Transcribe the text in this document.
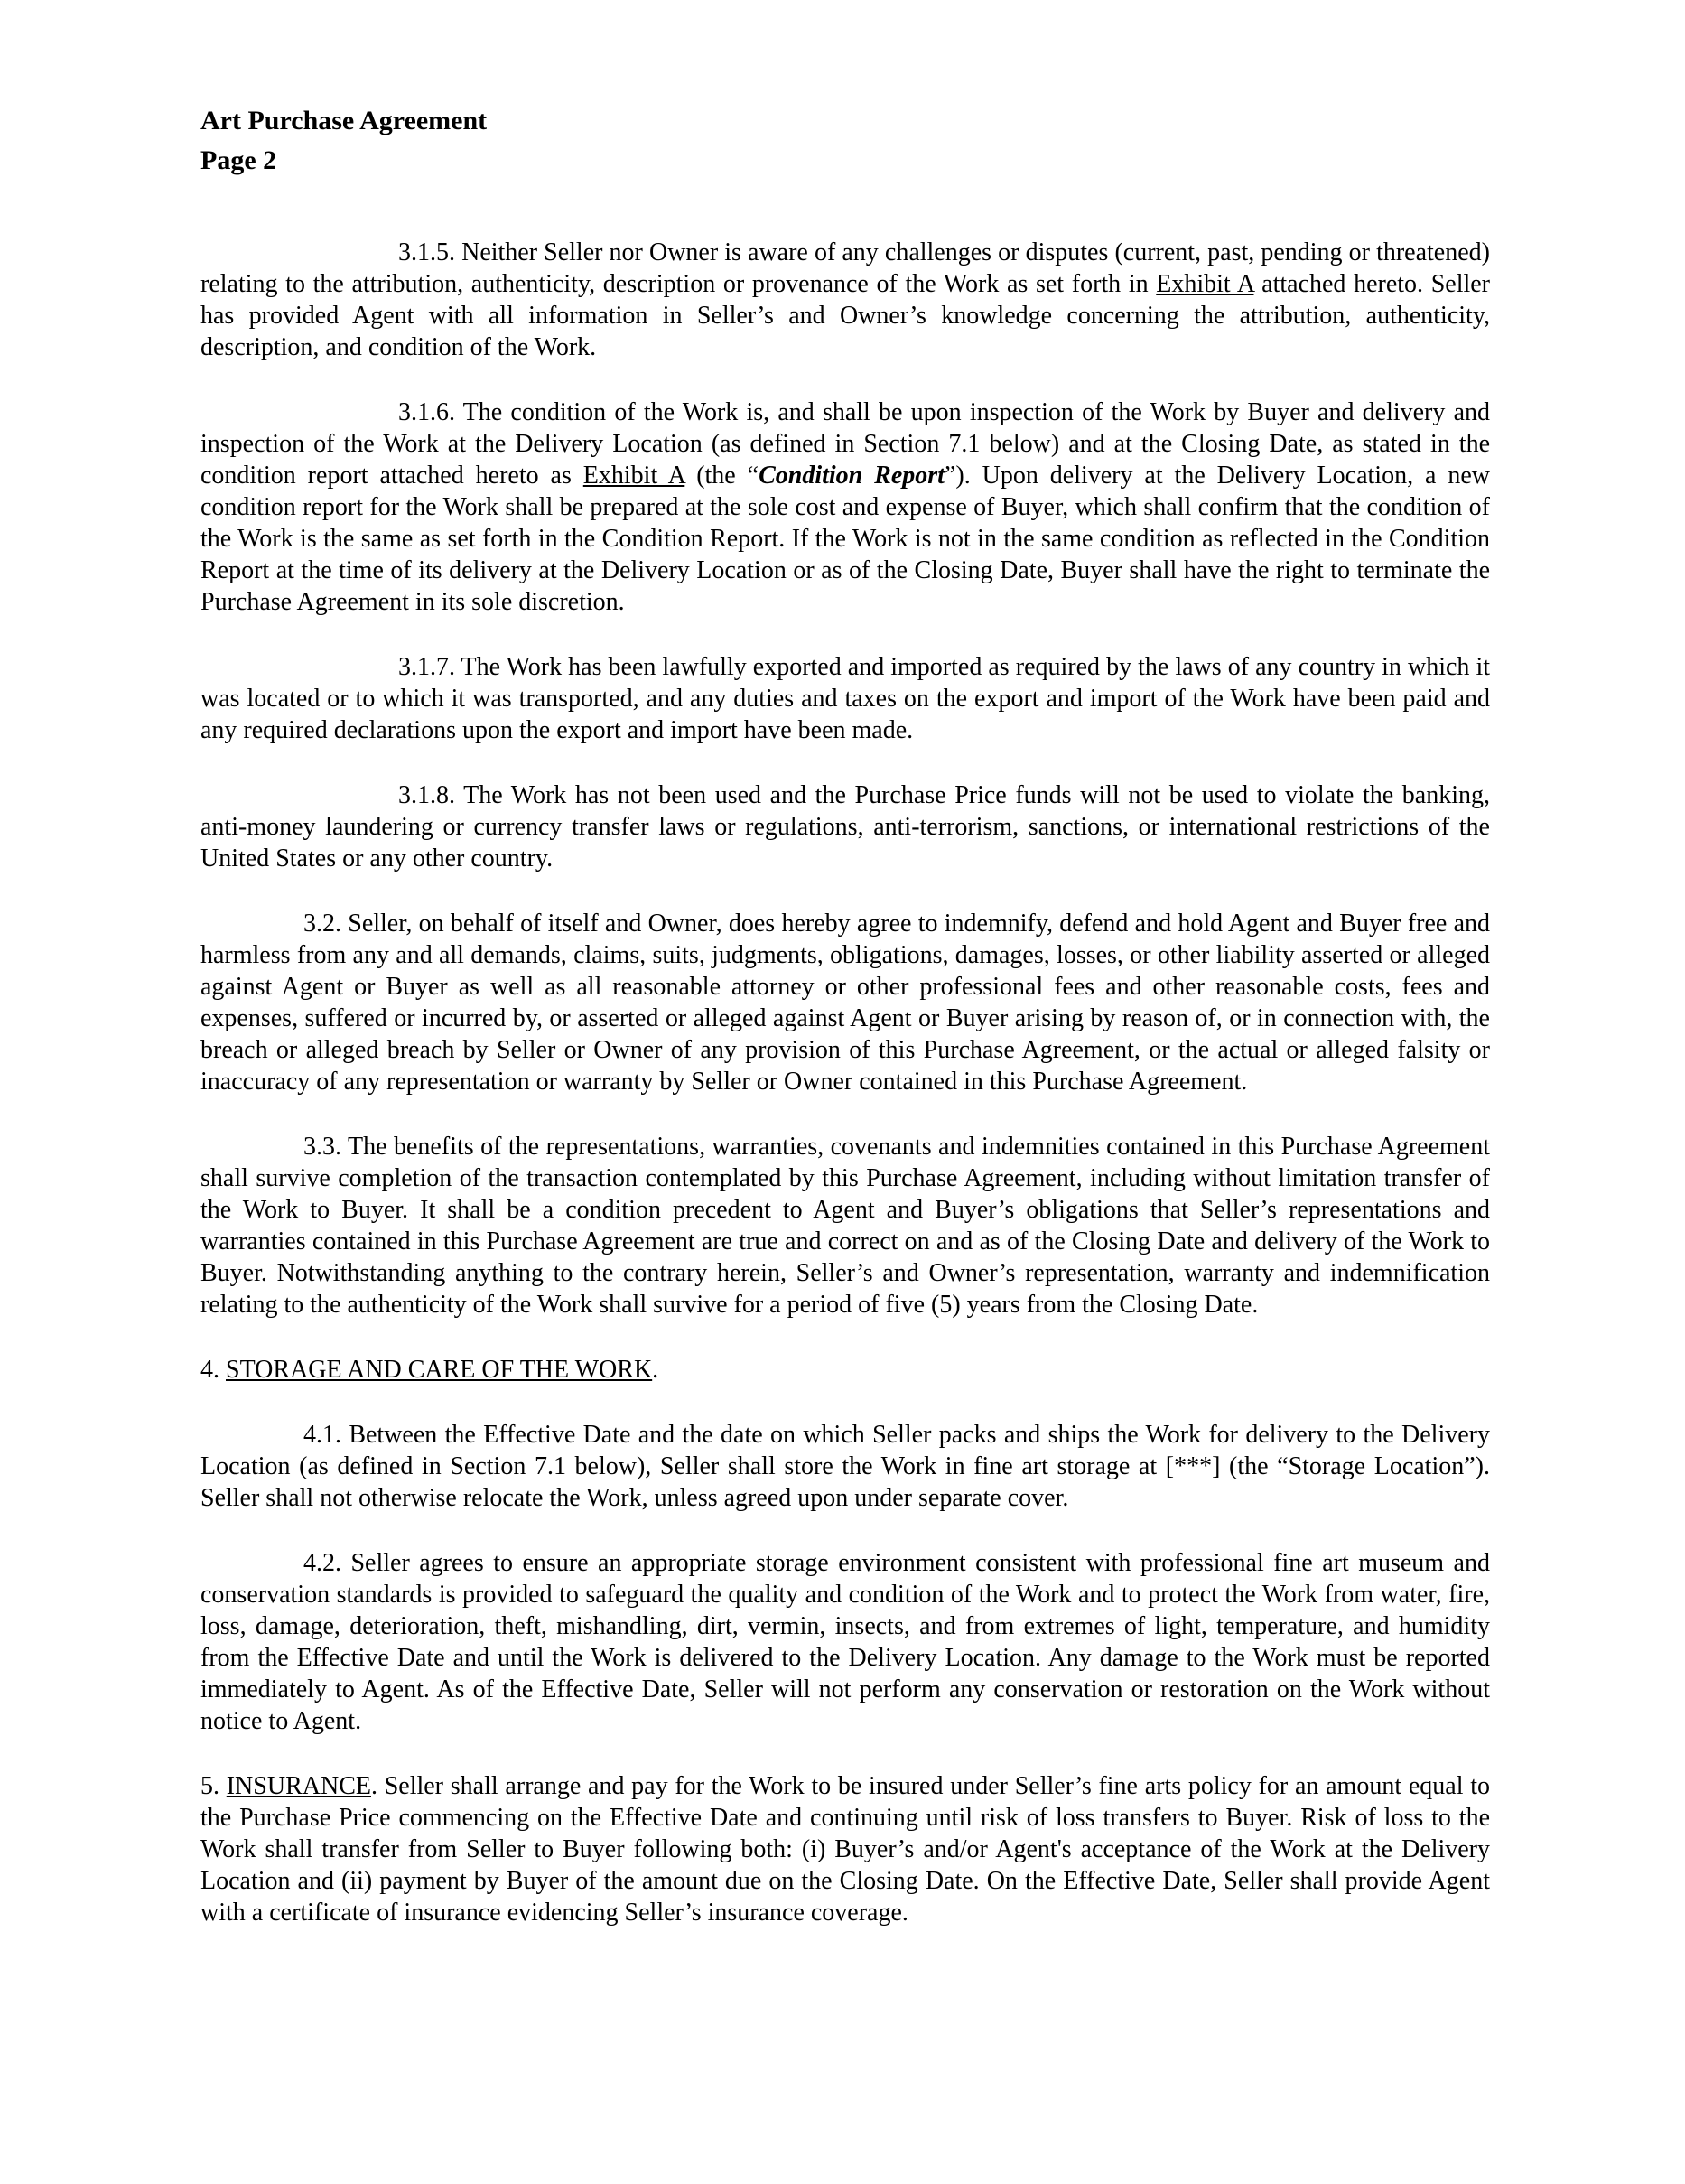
Art Purchase Agreement
Page 2

3.1.5. Neither Seller nor Owner is aware of any challenges or disputes (current, past, pending or threatened) relating to the attribution, authenticity, description or provenance of the Work as set forth in Exhibit A attached hereto. Seller has provided Agent with all information in Seller’s and Owner’s knowledge concerning the attribution, authenticity, description, and condition of the Work.

3.1.6. The condition of the Work is, and shall be upon inspection of the Work by Buyer and delivery and inspection of the Work at the Delivery Location (as defined in Section 7.1 below) and at the Closing Date, as stated in the condition report attached hereto as Exhibit A (the “Condition Report”). Upon delivery at the Delivery Location, a new condition report for the Work shall be prepared at the sole cost and expense of Buyer, which shall confirm that the condition of the Work is the same as set forth in the Condition Report. If the Work is not in the same condition as reflected in the Condition Report at the time of its delivery at the Delivery Location or as of the Closing Date, Buyer shall have the right to terminate the Purchase Agreement in its sole discretion.

3.1.7. The Work has been lawfully exported and imported as required by the laws of any country in which it was located or to which it was transported, and any duties and taxes on the export and import of the Work have been paid and any required declarations upon the export and import have been made.

3.1.8. The Work has not been used and the Purchase Price funds will not be used to violate the banking, anti-money laundering or currency transfer laws or regulations, anti-terrorism, sanctions, or international restrictions of the United States or any other country.

3.2. Seller, on behalf of itself and Owner, does hereby agree to indemnify, defend and hold Agent and Buyer free and harmless from any and all demands, claims, suits, judgments, obligations, damages, losses, or other liability asserted or alleged against Agent or Buyer as well as all reasonable attorney or other professional fees and other reasonable costs, fees and expenses, suffered or incurred by, or asserted or alleged against Agent or Buyer arising by reason of, or in connection with, the breach or alleged breach by Seller or Owner of any provision of this Purchase Agreement, or the actual or alleged falsity or inaccuracy of any representation or warranty by Seller or Owner contained in this Purchase Agreement.

3.3. The benefits of the representations, warranties, covenants and indemnities contained in this Purchase Agreement shall survive completion of the transaction contemplated by this Purchase Agreement, including without limitation transfer of the Work to Buyer. It shall be a condition precedent to Agent and Buyer’s obligations that Seller’s representations and warranties contained in this Purchase Agreement are true and correct on and as of the Closing Date and delivery of the Work to Buyer. Notwithstanding anything to the contrary herein, Seller’s and Owner’s representation, warranty and indemnification relating to the authenticity of the Work shall survive for a period of five (5) years from the Closing Date.

4. STORAGE AND CARE OF THE WORK.

4.1. Between the Effective Date and the date on which Seller packs and ships the Work for delivery to the Delivery Location (as defined in Section 7.1 below), Seller shall store the Work in fine art storage at [***] (the “Storage Location”). Seller shall not otherwise relocate the Work, unless agreed upon under separate cover.

4.2. Seller agrees to ensure an appropriate storage environment consistent with professional fine art museum and conservation standards is provided to safeguard the quality and condition of the Work and to protect the Work from water, fire, loss, damage, deterioration, theft, mishandling, dirt, vermin, insects, and from extremes of light, temperature, and humidity from the Effective Date and until the Work is delivered to the Delivery Location. Any damage to the Work must be reported immediately to Agent. As of the Effective Date, Seller will not perform any conservation or restoration on the Work without notice to Agent.

5. INSURANCE. Seller shall arrange and pay for the Work to be insured under Seller’s fine arts policy for an amount equal to the Purchase Price commencing on the Effective Date and continuing until risk of loss transfers to Buyer. Risk of loss to the Work shall transfer from Seller to Buyer following both: (i) Buyer’s and/or Agent's acceptance of the Work at the Delivery Location and (ii) payment by Buyer of the amount due on the Closing Date. On the Effective Date, Seller shall provide Agent with a certificate of insurance evidencing Seller’s insurance coverage.
